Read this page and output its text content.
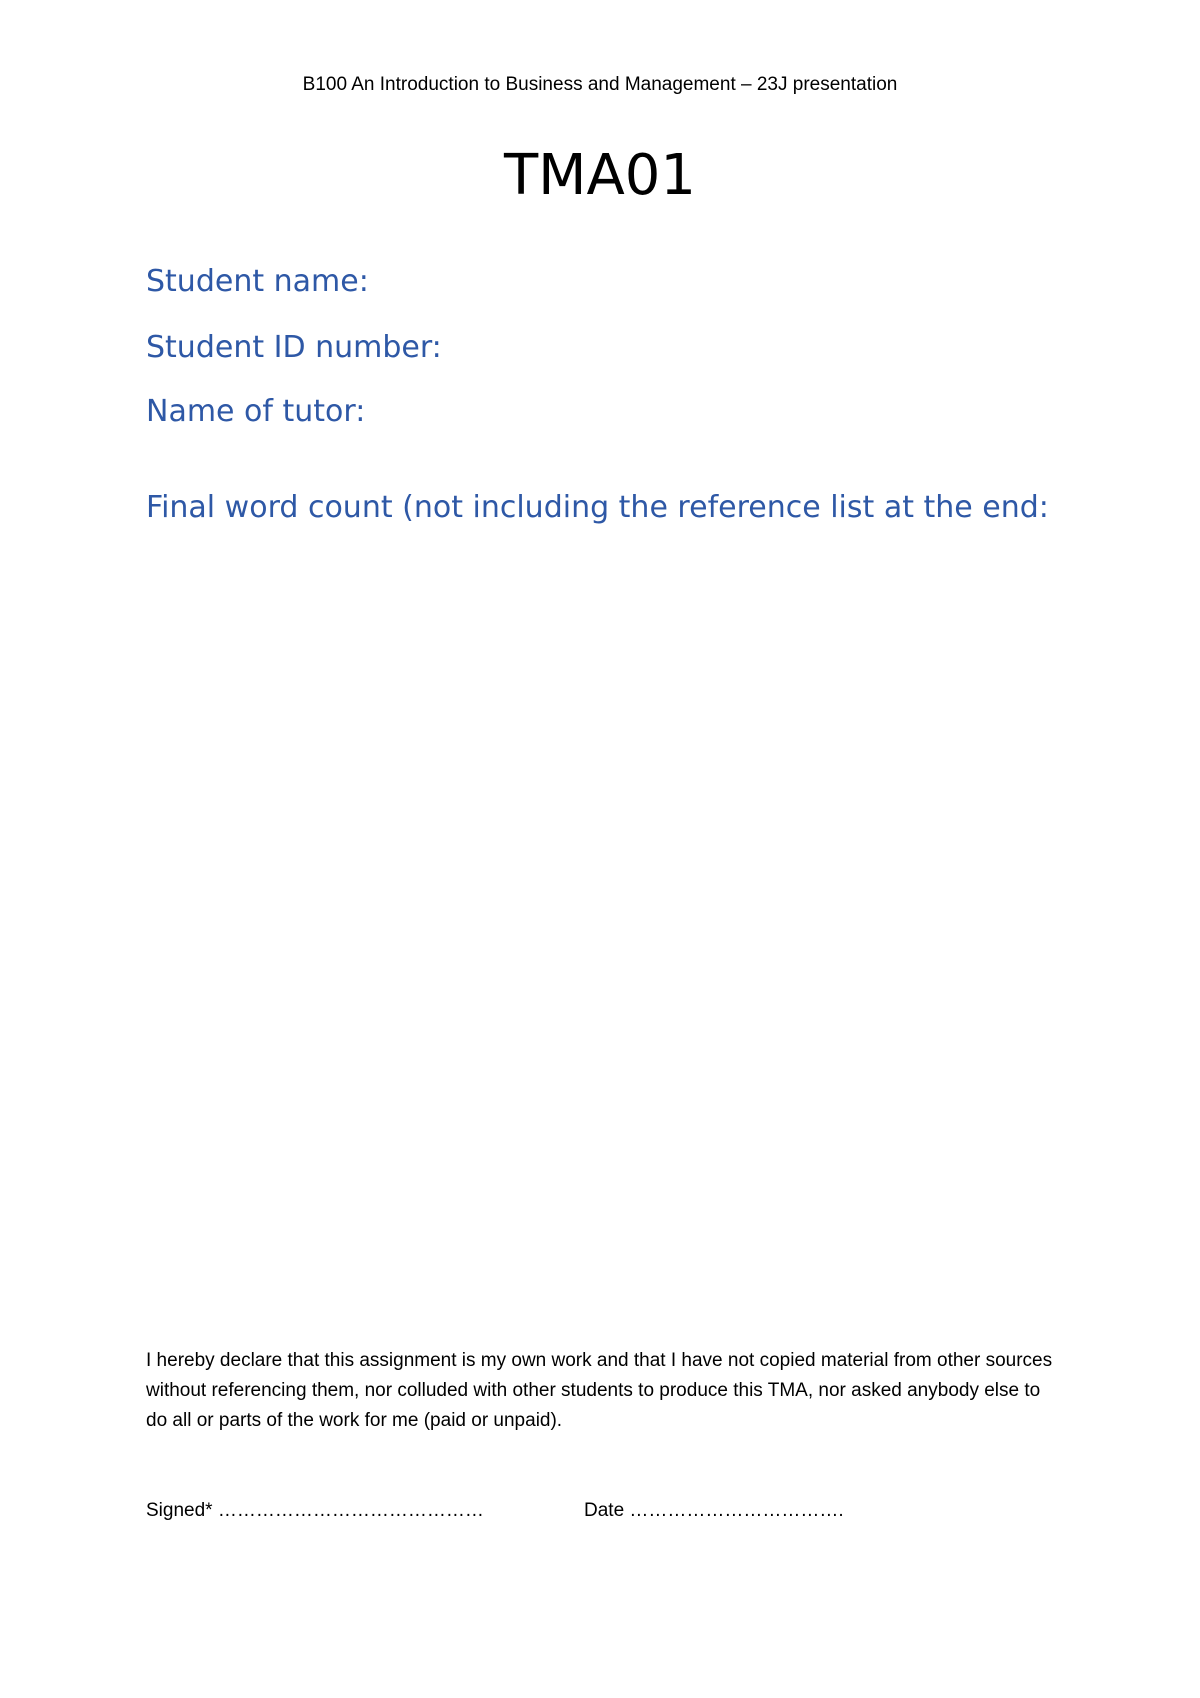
B100 An Introduction to Business and Management – 23J presentation
TMA01
Student name:
Student ID number:
Name of tutor:
Final word count (not including the reference list at the end:
I hereby declare that this assignment is my own work and that I have not copied material from other sources without referencing them, nor colluded with other students to produce this TMA, nor asked anybody else to do all or parts of the work for me (paid or unpaid).
Signed* ……………………………………	Date …………………………….
